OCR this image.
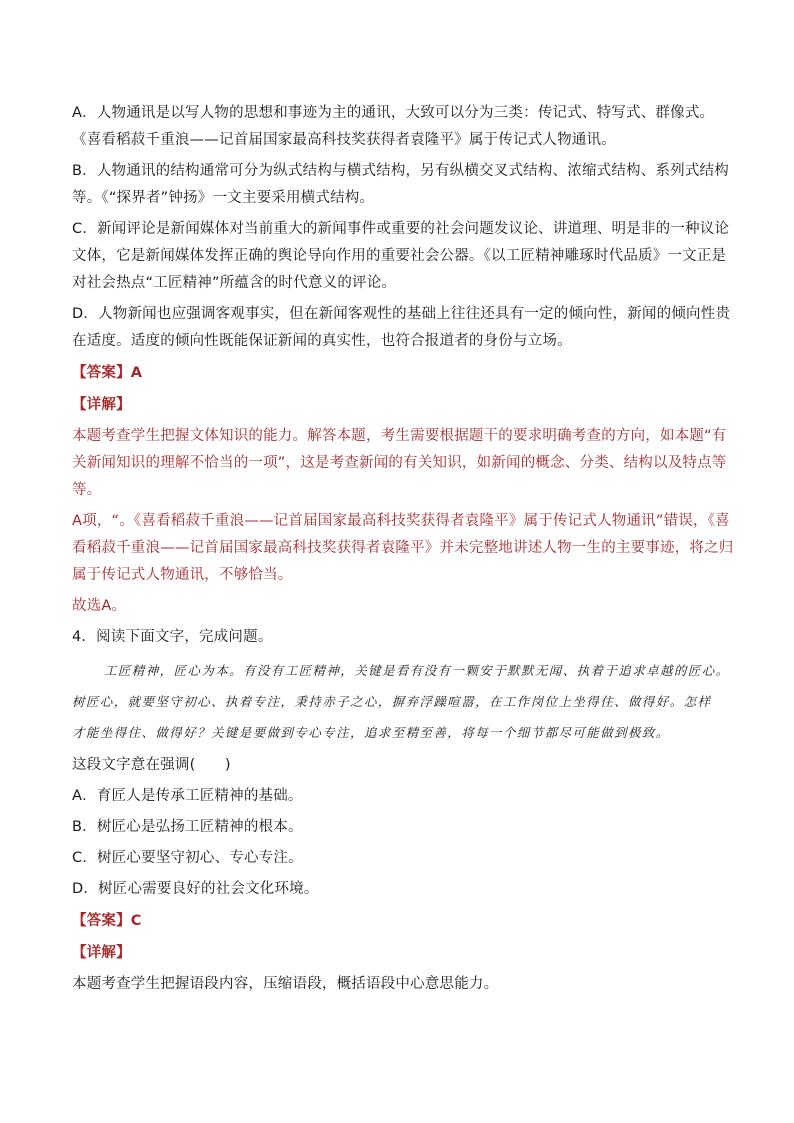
A．人物通讯是以写人物的思想和事迹为主的通讯，大致可以分为三类：传记式、特写式、群像式。《喜看稻菽千重浪——记首届国家最高科技奖获得者袁隆平》属于传记式人物通讯。

B．人物通讯的结构通常可分为纵式结构与横式结构，另有纵横交叉式结构、浓缩式结构、系列式结构等。《“探界者”钟扬》一文主要采用横式结构。

C．新闻评论是新闻媒体对当前重大的新闻事件或重要的社会问题发议论、讲道理、明是非的一种议论文体，它是新闻媒体发挥正确的舆论导向作用的重要社会公器。《以工匠精神雕琢时代品质》一文正是对社会热点“工匠精神”所蕴含的时代意义的评论。

D．人物新闻也应强调客观事实，但在新闻客观性的基础上往往还具有一定的倾向性，新闻的倾向性贵在适度。适度的倾向性既能保证新闻的真实性，也符合报道者的身份与立场。

【答案】A

【详解】

本题考查学生把握文体知识的能力。解答本题，考生需要根据题干的要求明确考查的方向，如本题“有关新闻知识的理解不恰当的一项”，这是考查新闻的有关知识，如新闻的概念、分类、结构以及特点等等。

A项，“。《喜看稻菽千重浪——记首届国家最高科技奖获得者袁隆平》属于传记式人物通讯”错误，《喜看稻菽千重浪——记首届国家最高科技奖获得者袁隆平》并未完整地讲述人物一生的主要事迹，将之归属于传记式人物通讯，不够恰当。

故选A。

4．阅读下面文字，完成问题。

工匠精神，匠心为本。有没有工匠精神，关键是看有没有一颗安于默默无闻、执着于追求卓越的匠心。
树匠心，就要坚守初心、执着专注，秉持赤子之心，摒弃浮躁喧嚣，在工作岗位上坐得住、做得好。怎样
才能坐得住、做得好？关键是要做到专心专注，追求至精至善，将每一个细节都尽可能做到极致。

这段文字意在强调(　　)

A．育匠人是传承工匠精神的基础。

B．树匠心是弘扬工匠精神的根本。

C．树匠心要坚守初心、专心专注。

D．树匠心需要良好的社会文化环境。

【答案】C

【详解】

本题考查学生把握语段内容，压缩语段，概括语段中心意思能力。
